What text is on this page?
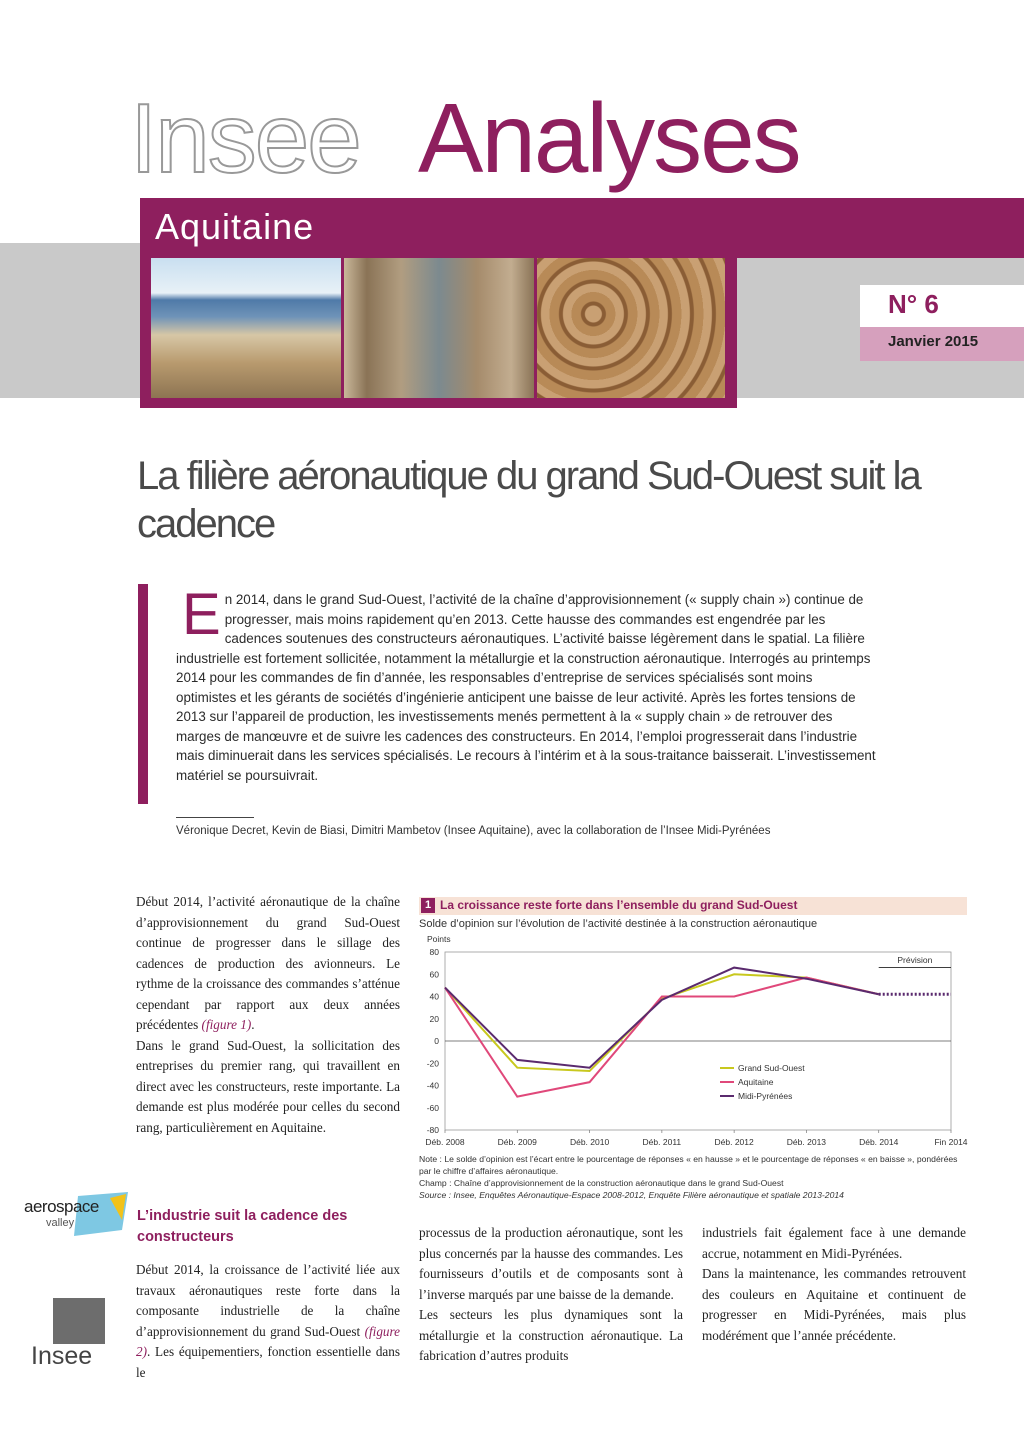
Insee Analyses
Aquitaine
N° 6
Janvier 2015
La filière aéronautique du grand Sud-Ouest suit la cadence
En 2014, dans le grand Sud-Ouest, l’activité de la chaîne d’approvisionnement (« supply chain ») continue de progresser, mais moins rapidement qu’en 2013. Cette hausse des commandes est engendrée par les cadences soutenues des constructeurs aéronautiques. L’activité baisse légèrement dans le spatial. La filière industrielle est fortement sollicitée, notamment la métallurgie et la construction aéronautique. Interrogés au printemps 2014 pour les commandes de fin d’année, les responsables d’entreprise de services spécialisés sont moins optimistes et les gérants de sociétés d’ingénierie anticipent une baisse de leur activité. Après les fortes tensions de 2013 sur l’appareil de production, les investissements menés permettent à la « supply chain » de retrouver des marges de manœuvre et de suivre les cadences des constructeurs. En 2014, l’emploi progresserait dans l’industrie mais diminuerait dans les services spécialisés. Le recours à l’intérim et à la sous-traitance baisserait. L’investissement matériel se poursuivrait.
Véronique Decret, Kevin de Biasi, Dimitri Mambetov (Insee Aquitaine), avec la collaboration de l’Insee Midi-Pyrénées
Début 2014, l’activité aéronautique de la chaîne d’approvisionnement du grand Sud-Ouest continue de progresser dans le sillage des cadences de production des avionneurs. Le rythme de la croissance des commandes s’atténue cependant par rapport aux deux années précédentes (figure 1).
Dans le grand Sud-Ouest, la sollicitation des entreprises du premier rang, qui travaillent en direct avec les constructeurs, reste importante. La demande est plus modérée pour celles du second rang, particulièrement en Aquitaine.
L’industrie suit la cadence des constructeurs
Début 2014, la croissance de l’activité liée aux travaux aéronautiques reste forte dans la composante industrielle de la chaîne d’approvisionnement du grand Sud-Ouest (figure 2). Les équipementiers, fonction essentielle dans le
processus de la production aéronautique, sont les plus concernés par la hausse des commandes. Les fournisseurs d’outils et de composants sont à l’inverse marqués par une baisse de la demande.
Les secteurs les plus dynamiques sont la métallurgie et la construction aéronautique. La fabrication d’autres produits
industriels fait également face à une demande accrue, notamment en Midi-Pyrénées.
Dans la maintenance, les commandes retrouvent des couleurs en Aquitaine et continuent de progresser en Midi-Pyrénées, mais plus modérément que l’année précédente.
aerospace
valley
Insee
1 La croissance reste forte dans l’ensemble du grand Sud-Ouest
Solde d’opinion sur l’évolution de l’activité destinée à la construction aéronautique
Points
80
60
40
20
0
-20
-40
-60
-80
Déb. 2008	Déb. 2009	Déb. 2010	Déb. 2011	Déb. 2012	Déb. 2013	Déb. 2014	Fin 2014
Prévision
Grand Sud-Ouest
Aquitaine
Midi-Pyrénées
Note : Le solde d’opinion est l’écart entre le pourcentage de réponses « en hausse » et le pourcentage de réponses « en baisse », pondérées par le chiffre d’affaires aéronautique.
Champ : Chaîne d’approvisionnement de la construction aéronautique dans le grand Sud-Ouest
Source : Insee, Enquêtes Aéronautique-Espace 2008-2012, Enquête Filière aéronautique et spatiale 2013-2014
